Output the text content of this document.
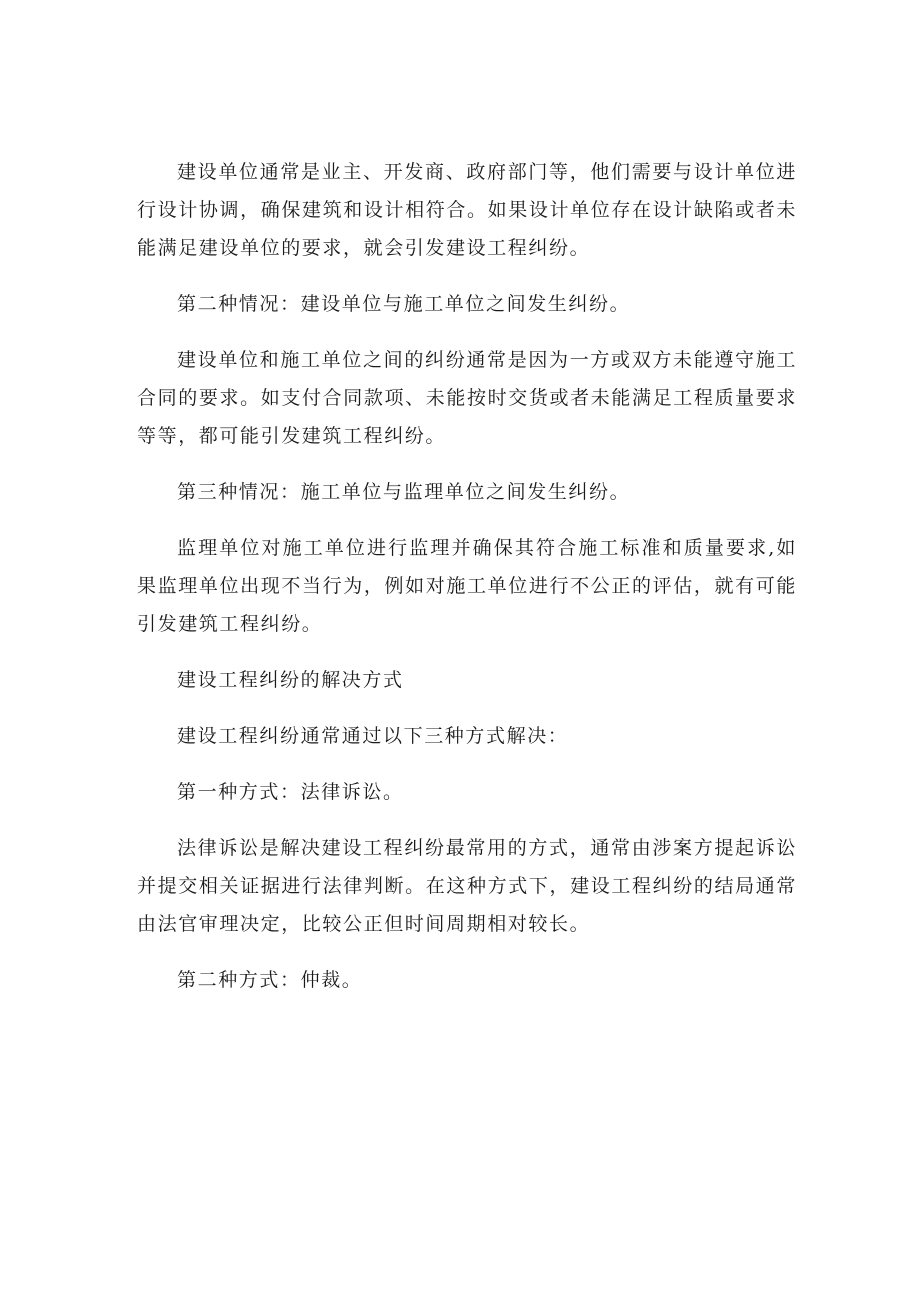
建设单位通常是业主、开发商、政府部门等，他们需要与设计单位进行设计协调，确保建筑和设计相符合。如果设计单位存在设计缺陷或者未能满足建设单位的要求，就会引发建设工程纠纷。

第二种情况：建设单位与施工单位之间发生纠纷。

建设单位和施工单位之间的纠纷通常是因为一方或双方未能遵守施工合同的要求。如支付合同款项、未能按时交货或者未能满足工程质量要求等等，都可能引发建筑工程纠纷。

第三种情况：施工单位与监理单位之间发生纠纷。

监理单位对施工单位进行监理并确保其符合施工标准和质量要求,如果监理单位出现不当行为，例如对施工单位进行不公正的评估，就有可能引发建筑工程纠纷。

建设工程纠纷的解决方式

建设工程纠纷通常通过以下三种方式解决：

第一种方式：法律诉讼。

法律诉讼是解决建设工程纠纷最常用的方式，通常由涉案方提起诉讼并提交相关证据进行法律判断。在这种方式下，建设工程纠纷的结局通常由法官审理决定，比较公正但时间周期相对较长。

第二种方式：仲裁。
